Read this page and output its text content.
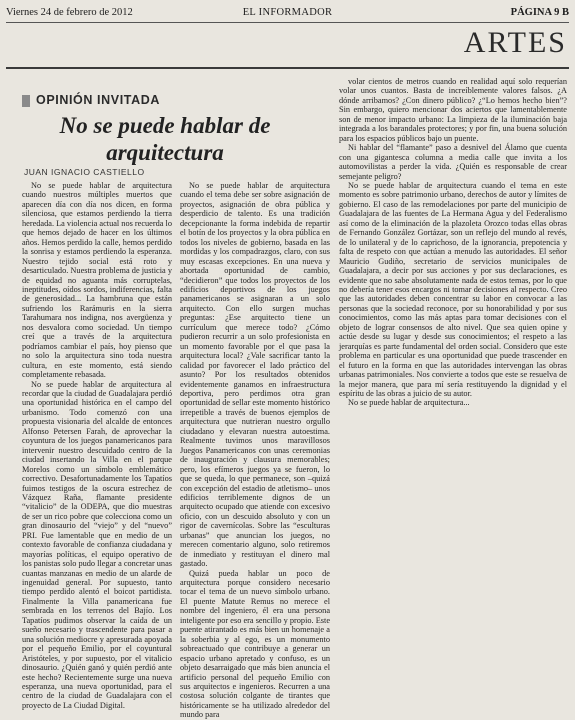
Viernes 24 de febrero de 2012	EL INFORMADOR	PÁGINA 9 B
ARTES
OPINIÓN INVITADA
No se puede hablar de arquitectura
JUAN IGNACIO CASTIELLO

No se puede hablar de arquitectura cuando nuestros múltiples muertos que aparecen día con día nos dicen, en forma silenciosa, que estamos perdiendo la tierra heredada. La violencia actual nos recuerda lo que hemos dejado de hacer en los últimos años. Hemos perdido la calle, hemos perdido la sonrisa y estamos perdiendo la esperanza. Nuestro tejido social está roto y desarticulado. Nuestra problema de justicia y de equidad no aguanta más corruptelas, ineptitudes, oídos sordos, indiferencias, falta de generosidad... La hambruna que están sufriendo los Rarámuris en la sierra Tarahumara nos indigna, nos avergüenza y nos desvalora como sociedad. Un tiempo creí que a través de la arquitectura podríamos cambiar el país, hoy pienso que no solo la arquitectura sino toda nuestra cultura, en este momento, está siendo completamente rebasada.

No se puede hablar de arquitectura al recordar que la ciudad de Guadalajara perdió una oportunidad histórica en el campo del urbanismo. Todo comenzó con una propuesta visionaria del alcalde de entonces Alfonso Petersen Farah, de aprovechar la coyuntura de los juegos panamericanos para intervenir nuestro descuidado centro de la ciudad insertando la Villa en el parque Morelos como un símbolo emblemático correctivo. Desafortunadamente los Tapatíos fuimos testigos de la oscura estrechez de Vázquez Raña, flamante presidente “vitalicio” de la ODEPA, que dio muestras de ser un rico pobre que colecciona como un gran dinosaurio del “viejo” y del “nuevo” PRI. Fue lamentable que en medio de un contexto favorable de confianza ciudadana y mayorías políticas, el equipo operativo de los panistas solo pudo llegar a concretar unas cuantas manzanas en medio de un alarde de ingenuidad general. Por supuesto, tanto tiempo perdido alentó el boicot partidista. Finalmente la Villa panamericana fue sembrada en los terrenos del Bajío. Los Tapatíos pudimos observar la caída de un sueño necesario y trascendente para pasar a una solución mediocre y apresurada apoyada por el pequeño Emilio, por el coyuntural Aristóteles, y por supuesto, por el vitalicio dinosaurio. ¿Quién ganó y quién perdió ante este hecho? Recientemente surge una nueva esperanza, una nueva oportunidad, para el centro de la ciudad de Guadalajara con el proyecto de La Ciudad Digital.

No se puede hablar de arquitectura cuando el tema debe ser sobre asignación de proyectos, asignación de obra pública y desperdicio de talento. Es una tradición decepcionante la forma indebida de repartir el botín de los proyectos y la obra pública en todos los niveles de gobierno, basada en las mordidas y los compadrazgos, claro, con sus muy escasas excepciones. En una nueva y abortada oportunidad de cambio, “decidieron” que todos los proyectos de los edificios deportivos de los juegos panamericanos se asignaran a un solo arquitecto. Con ello surgen muchas preguntas: ¿Ese arquitecto tiene un currículum que merece todo? ¿Cómo pudieron recurrir a un solo profesionista en un momento favorable por el que pasa la arquitectura local? ¿Vale sacrificar tanto la calidad por favorecer el lado práctico del asunto? Por los resultados obtenidos evidentemente ganamos en infraestructura deportiva, pero perdimos otra gran oportunidad de sellar este momento histórico irrepetible a través de buenos ejemplos de arquitectura que nutrieran nuestro orgullo ciudadano y elevaran nuestra autoestima. Realmente tuvimos unos maravillosos Juegos Panamericanos con unas ceremonias de inauguración y clausura memorables; pero, los efímeros juegos ya se fueron, lo que se queda, lo que permanece, son –quizá con excepción del estadio de atletismo– unos edificios terriblemente dignos de un arquitecto ocupado que atiende con excesivo oficio, con un descuido absoluto y con un rigor de cavernícolas. Sobre las “esculturas urbanas” que anuncian los juegos, no merecen comentario alguno, solo retiremos de inmediato y restituyan el dinero mal gastado.

Quizá pueda hablar un poco de arquitectura porque considero necesario tocar el tema de un nuevo símbolo urbano. El puente Matute Remus no merece el nombre del ingeniero, él era una persona inteligente por eso era sencillo y propio. Este puente atirantado es más bien un homenaje a la soberbia y al ego, es un monumento sobreactuado que contribuye a generar un espacio urbano apretado y confuso, es un objeto desarraigado que más bien anuncia el artificio personal del pequeño Emilio con sus arquitectos e ingenieros. Recurren a una costosa solución colgante de tirantes que históricamente se ha utilizado alrededor del mundo para

volar cientos de metros cuando en realidad aquí solo requerían volar unos cuantos. Basta de increíblemente valores falsos. ¿A dónde arribamos? ¿Con dinero público? ¿“Lo hemos hecho bien”? Sin embargo, quiero mencionar dos aciertos que lamentablemente son de menor impacto urbano: La limpieza de la iluminación baja integrada a los barandales protectores; y por fin, una buena solución para los espacios públicos bajo un puente.

Ni hablar del “flamante” paso a desnivel del Álamo que cuenta con una gigantesca columna a media calle que invita a los automovilistas a perder la vida. ¿Quién es responsable de crear semejante peligro?

No se puede hablar de arquitectura cuando el tema en este momento es sobre patrimonio urbano, derechos de autor y límites de gobierno. El caso de las remodelaciones por parte del municipio de Guadalajara de las fuentes de La Hermana Agua y del Federalismo así como de la eliminación de la plazoleta Orozco todas ellas obras de Fernando González Gortázar, son un reflejo del mundo al revés, de lo unilateral y de lo caprichoso, de la ignorancia, prepotencia y falta de respeto con que actúan a menudo las autoridades. El señor Mauricio Gudiño, secretario de servicios municipales de Guadalajara, a decir por sus acciones y por sus declaraciones, es evidente que no sabe absolutamente nada de estos temas, por lo que no debería tener esos encargos ni tomar decisiones al respecto. Creo que las autoridades deben concentrar su labor en convocar a las personas que la sociedad reconoce, por su honorabilidad y por sus conocimientos, como las más aptas para tomar decisiones con el objeto de lograr consensos de alto nivel. Que sea quien opine y actúe desde su lugar y desde sus conocimientos; el respeto a las jerarquías es parte fundamental del orden social. Considero que este problema en particular es una oportunidad que puede trascender en el futuro en la forma en que las autoridades intervengan las obras urbanas patrimoniales. Nos convierte a todos que este se resuelva de la mejor manera, que para mí sería restituyendo la dignidad y el espíritu de las obras a juicio de su autor.

No se puede hablar de arquitectura...
